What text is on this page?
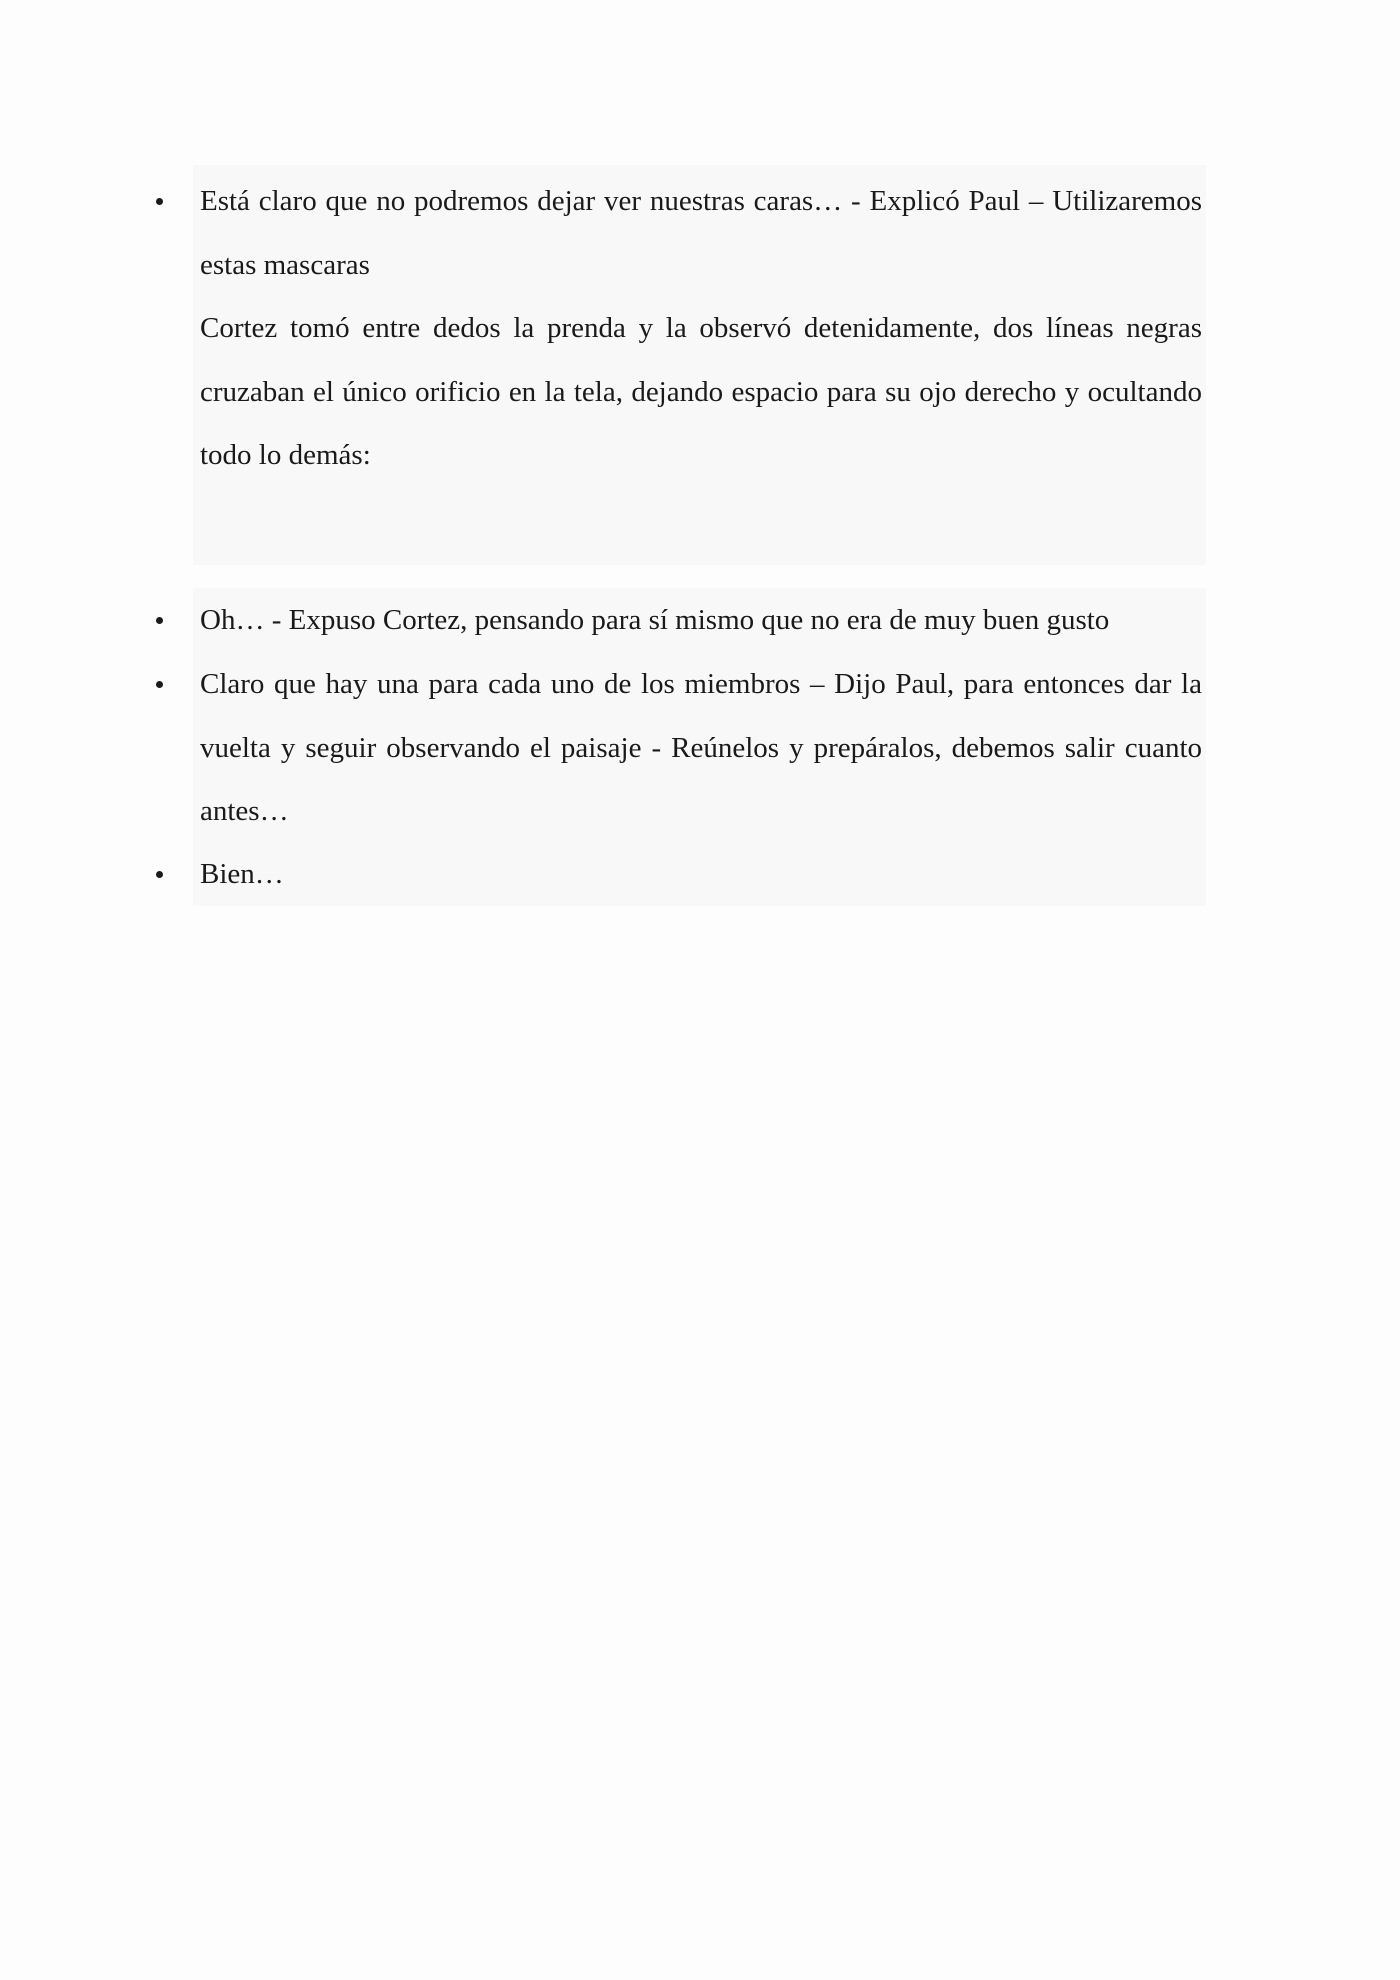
Está claro que no podremos dejar ver nuestras caras… - Explicó Paul – Utilizaremos estas mascaras

Cortez tomó entre dedos la prenda y la observó detenidamente, dos líneas negras cruzaban el único orificio en la tela, dejando espacio para su ojo derecho y ocultando todo lo demás:

Oh… - Expuso Cortez, pensando para sí mismo que no era de muy buen gusto

Claro que hay una para cada uno de los miembros – Dijo Paul, para entonces dar la vuelta y seguir observando el paisaje - Reúnelos y prepáralos, debemos salir cuanto antes…

Bien…
